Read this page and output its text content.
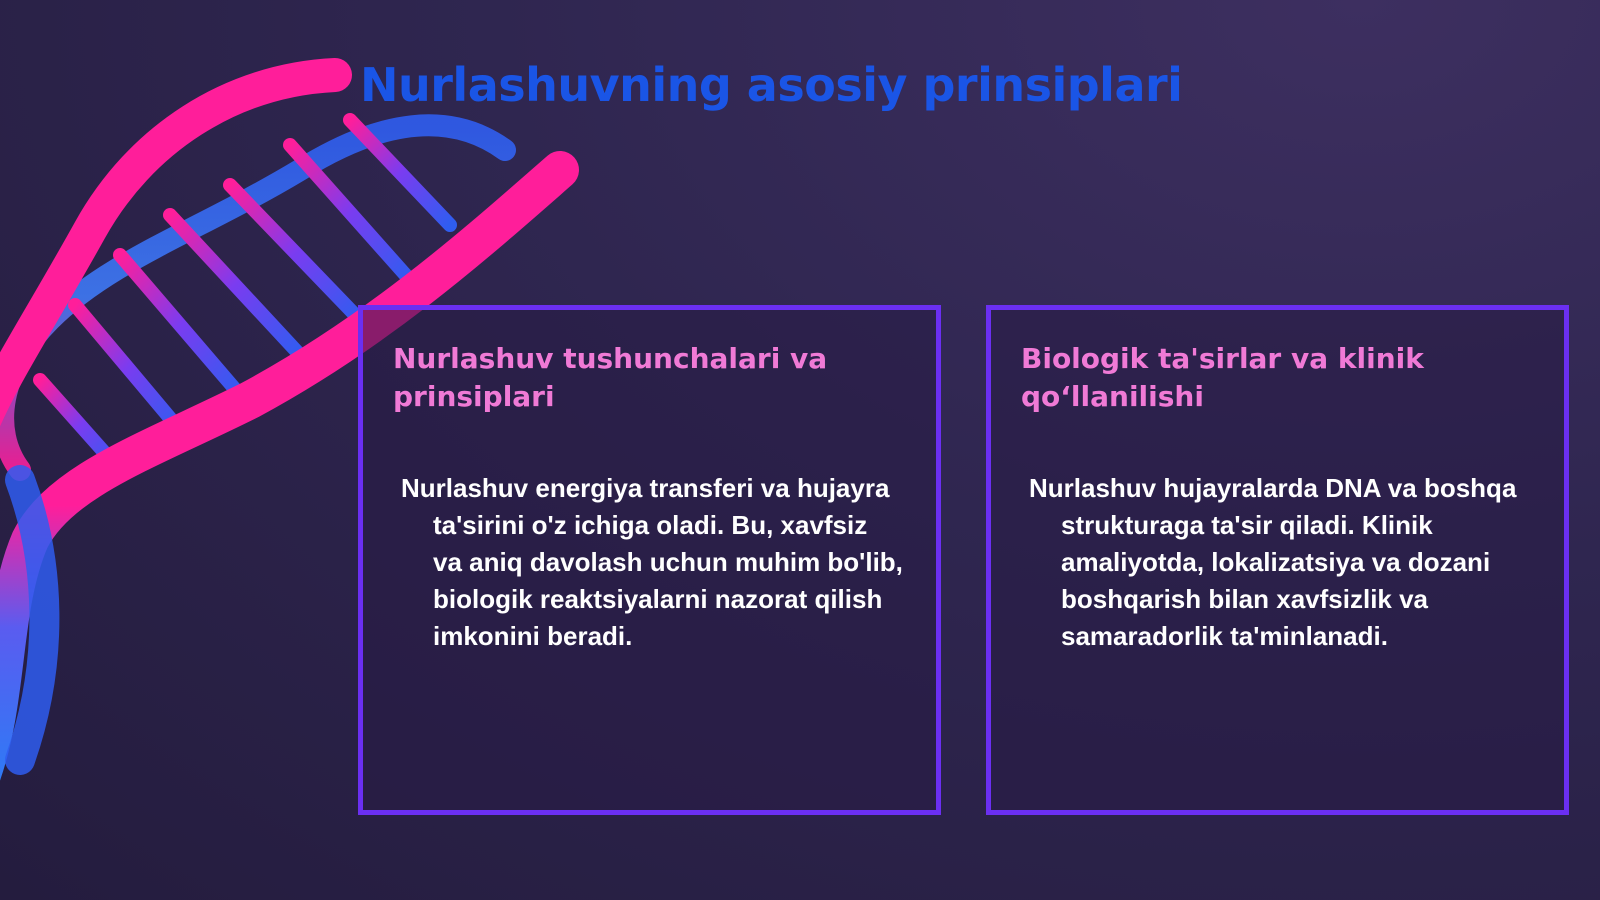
Nurlashuvning asosiy prinsiplari
Nurlashuv tushunchalari va prinsiplari

Nurlashuv energiya transferi va hujayra ta'sirini o'z ichiga oladi. Bu, xavfsiz va aniq davolash uchun muhim bo'lib, biologik reaktsiyalarni nazorat qilish imkonini beradi.

Biologik ta'sirlar va klinik qo‘llanilishi

Nurlashuv hujayralarda DNA va boshqa strukturaga ta'sir qiladi. Klinik amaliyotda, lokalizatsiya va dozani boshqarish bilan xavfsizlik va samaradorlik ta'minlanadi.
